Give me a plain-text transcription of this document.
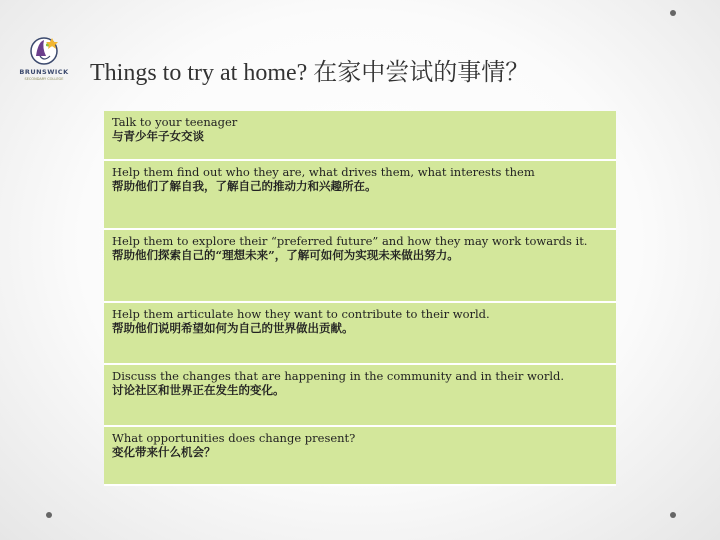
BRUNSWICK
SECONDARY COLLEGE	Things to try at home? 在家中尝试的事情？
Talk to your teenager
与青少年子女交谈
Help them find out who they are, what drives them, what interests them
帮助他们了解自我，了解自己的推动力和兴趣所在。
Help them to explore their “preferred future” and how they may work towards it.
帮助他们探索自己的“理想未来”，了解可如何为实现未来做出努力。
Help them articulate how they want to contribute to their world.
帮助他们说明希望如何为自己的世界做出贡献。
Discuss the changes that are happening in the community and in their world.
讨论社区和世界正在发生的变化。
What opportunities does change present?
变化带来什么机会？
